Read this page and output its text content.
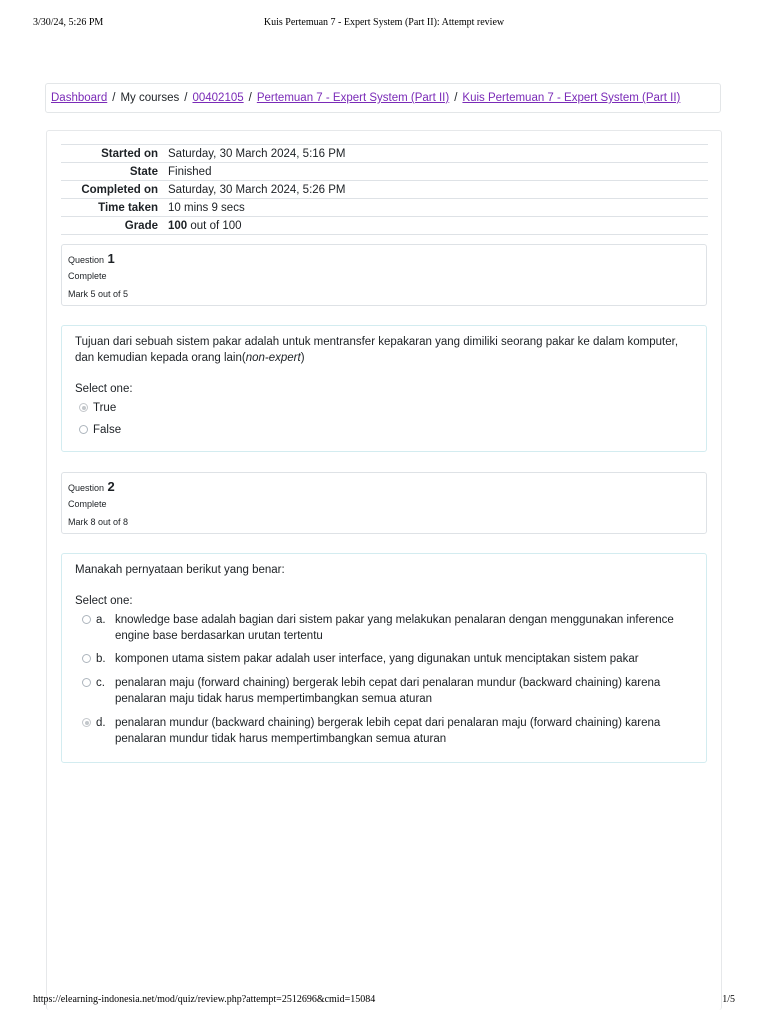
3/30/24, 5:26 PM	Kuis Pertemuan 7 - Expert System (Part II): Attempt review
Dashboard / My courses / 00402105 / Pertemuan 7 - Expert System (Part II) / Kuis Pertemuan 7 - Expert System (Part II)
Started on Saturday, 30 March 2024, 5:16 PM
State Finished
Completed on Saturday, 30 March 2024, 5:26 PM
Time taken 10 mins 9 secs
Grade 100 out of 100
Question 1
Complete
Mark 5 out of 5
Tujuan dari sebuah sistem pakar adalah untuk mentransfer kepakaran yang dimiliki seorang pakar ke dalam komputer, dan kemudian kepada orang lain(non-expert)
Select one:
True
False
Question 2
Complete
Mark 8 out of 8
Manakah pernyataan berikut yang benar:
Select one:
a. knowledge base adalah bagian dari sistem pakar yang melakukan penalaran dengan menggunakan inference engine base berdasarkan urutan tertentu
b. komponen utama sistem pakar adalah user interface, yang digunakan untuk menciptakan sistem pakar
c. penalaran maju (forward chaining) bergerak lebih cepat dari penalaran mundur (backward chaining) karena penalaran maju tidak harus mempertimbangkan semua aturan
d. penalaran mundur (backward chaining) bergerak lebih cepat dari penalaran maju (forward chaining) karena penalaran mundur tidak harus mempertimbangkan semua aturan
https://elearning-indonesia.net/mod/quiz/review.php?attempt=2512696&cmid=15084	1/5
